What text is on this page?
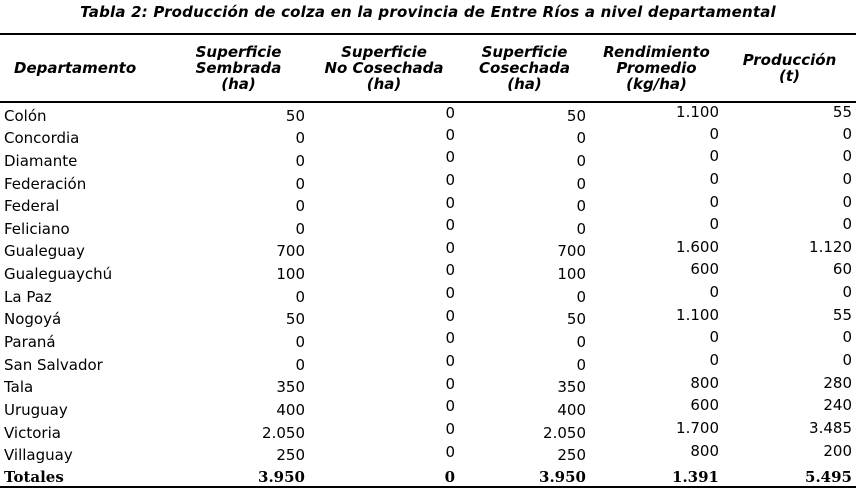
Tabla 2: Producción de colza en la provincia de Entre Ríos a nivel departamental
Departamento	Superficie
Sembrada
(ha)	Superficie
No Cosechada
(ha)	Superficie
Cosechada
(ha)	Rendimiento
Promedio
(kg/ha)	Producción
(t)
Colón	50	0	50	1.100	55
Concordia	0	0	0	0	0
Diamante	0	0	0	0	0
Federación	0	0	0	0	0
Federal	0	0	0	0	0
Feliciano	0	0	0	0	0
Gualeguay	700	0	700	1.600	1.120
Gualeguaychú	100	0	100	600	60
La Paz	0	0	0	0	0
Nogoyá	50	0	50	1.100	55
Paraná	0	0	0	0	0
San Salvador	0	0	0	0	0
Tala	350	0	350	800	280
Uruguay	400	0	400	600	240
Victoria	2.050	0	2.050	1.700	3.485
Villaguay	250	0	250	800	200
Totales	3.950	0	3.950	1.391	5.495
